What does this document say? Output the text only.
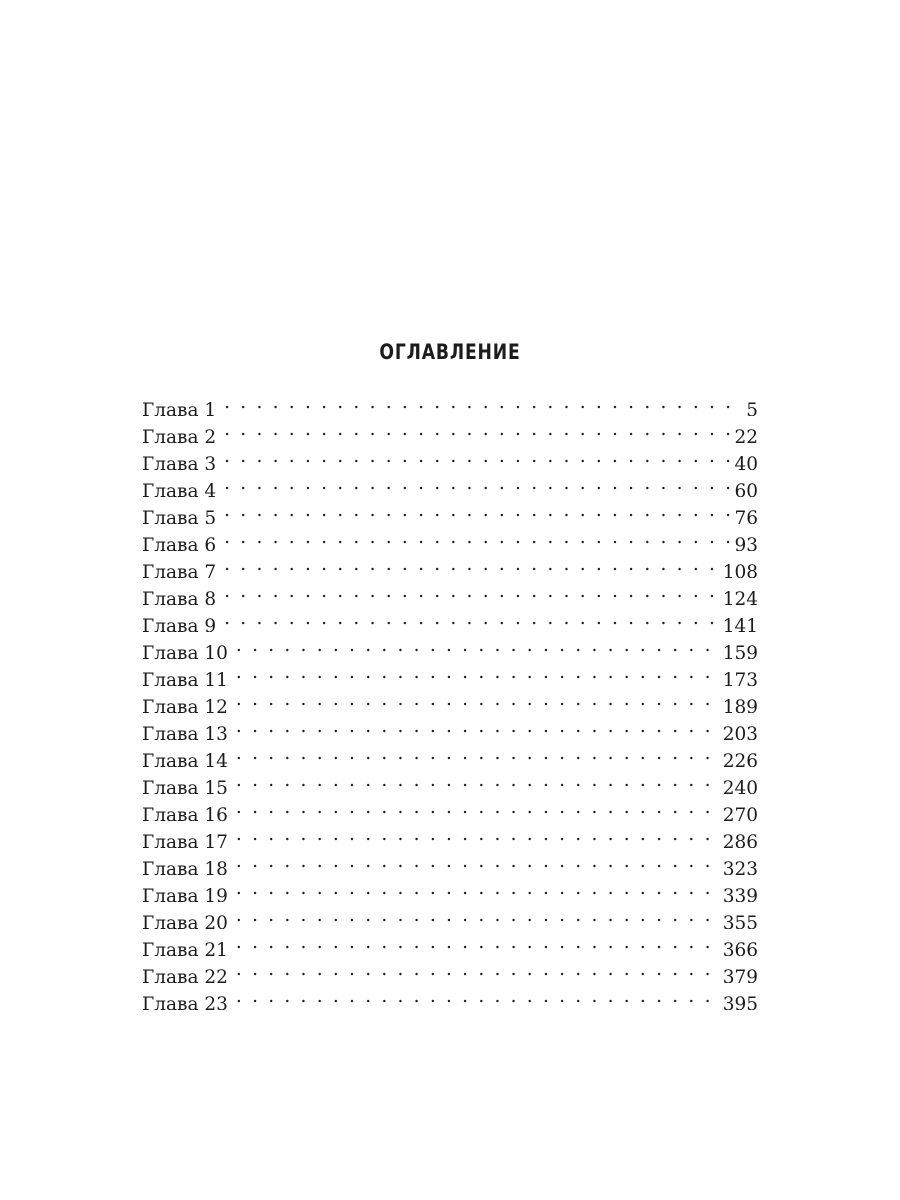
ОГЛАВЛЕНИЕ
Глава 1 . . .	5
Глава 2 . . .	22
Глава 3 . . .	40
Глава 4 . . .	60
Глава 5 . . .	76
Глава 6 . . .	93
Глава 7 . . .	108
Глава 8 . . .	124
Глава 9 . . .	141
Глава 10 . . .	159
Глава 11 . . .	173
Глава 12 . . .	189
Глава 13 . . .	203
Глава 14 . . .	226
Глава 15 . . .	240
Глава 16 . . .	270
Глава 17 . . .	286
Глава 18 . . .	323
Глава 19 . . .	339
Глава 20 . . .	355
Глава 21 . . .	366
Глава 22 . . .	379
Глава 23 . . .	395
